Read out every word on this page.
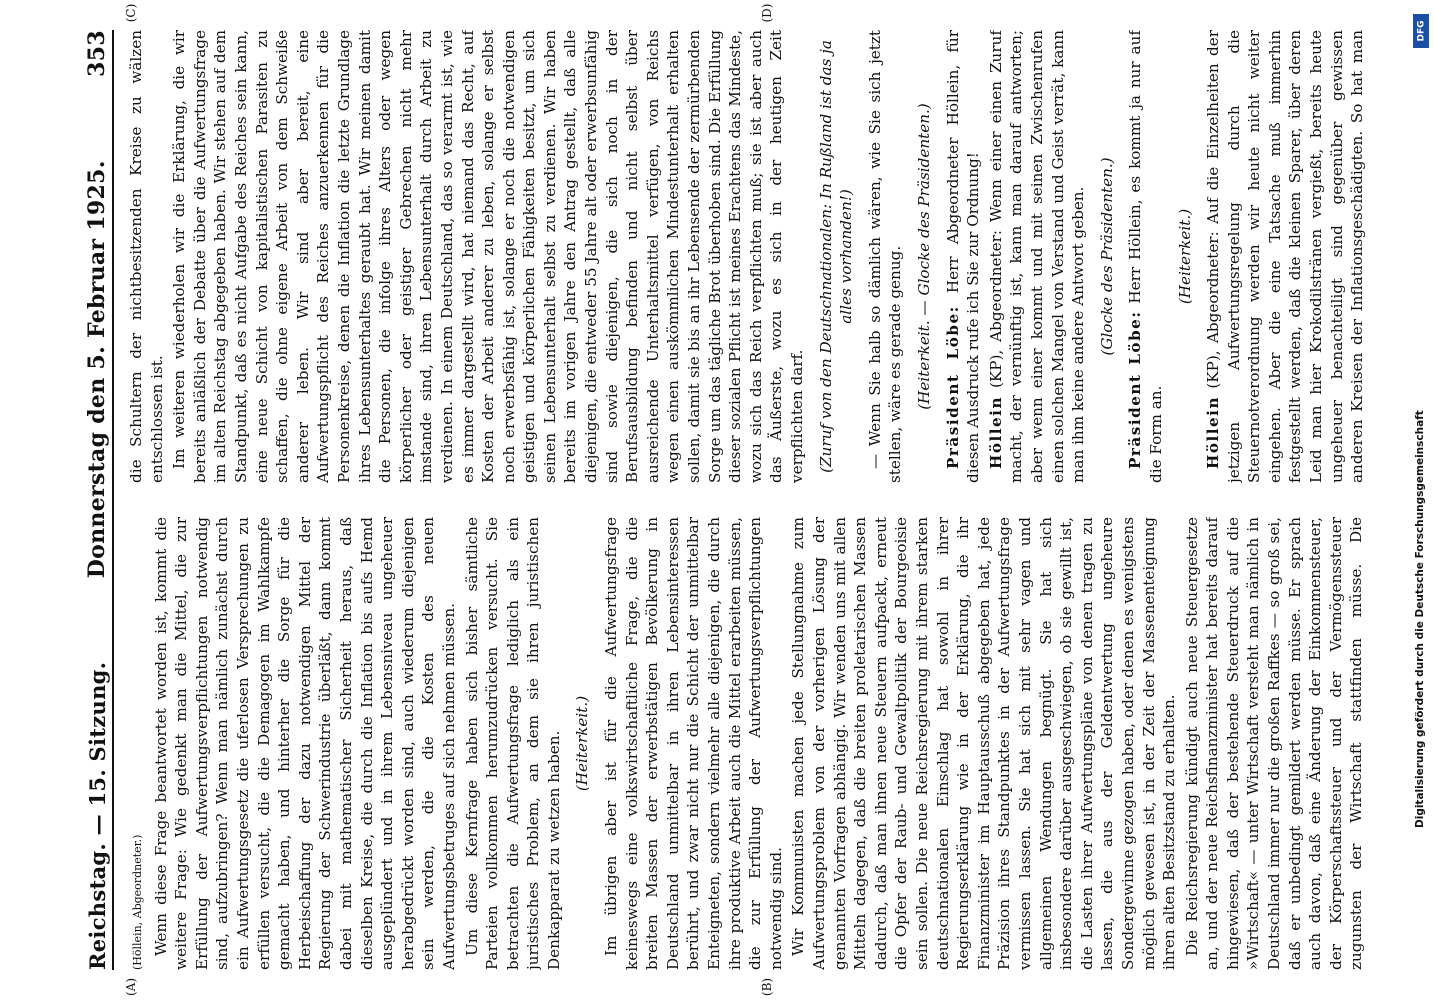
Reichstag. — 15. Sitzung.
Donnerstag den 5. Februar 1925.
353

(Höllein, Abgeordneter.) Wenn diese Frage beantwortet worden ist, kommt die weitere Frage: Wie gedenkt man die Mittel, die zur Erfüllung der Aufwertungsverpflichtungen notwendig sind, aufzubringen? Wenn man nämlich zunächst durch ein Aufwertungsgesetz die uferlosen Versprechungen zu erfüllen versucht, die die Demagogen im Wahlkampfe gemacht haben, und hinterher die Sorge für die Herbeischaffung der dazu notwendigen Mittel der Regierung der Schwerindustrie überläßt, dann kommt dabei mit mathematischer Sicherheit heraus, daß dieselben Kreise, die durch die Inflation bis aufs Hemd ausgeplündert und in ihrem Lebensniveau ungeheuer herabgedrückt worden sind, auch wiederum diejenigen sein werden, die die Kosten des neuen Aufwertungsbetruges auf sich nehmen müssen. Um diese Kernfrage haben sich bisher sämtliche Parteien vollkommen herumzudrücken versucht. Sie betrachten die Aufwertungsfrage lediglich als ein juristisches Problem, an dem sie ihren juristischen Denkapparat zu wetzen haben. (Heiterkeit.) Im übrigen aber ist für die Aufwertungsfrage keineswegs eine volkswirtschaftliche Frage, die die breiten Massen der erwerbstätigen Bevölkerung in Deutschland unmittelbar in ihren Lebensinteressen berührt, und zwar nicht nur die Schicht der unmittelbar Enteigneten, sondern vielmehr alle diejenigen, die durch ihre produktive Arbeit auch die Mittel erarbeiten müssen, die zur Erfüllung der Aufwertungsverpflichtungen notwendig sind. Wir Kommunisten machen jede Stellungnahme zum Aufwertungsproblem von der vorherigen Lösung der genannten Vorfragen abhängig. Wir wenden uns mit allen Mitteln dagegen, daß die breiten proletarischen Massen dadurch, daß man ihnen neue Steuern aufpackt, erneut die Opfer der Raub- und Gewaltpolitik der Bourgeoisie sein sollen. Die neue Reichsregierung mit ihrem starken deutschnationalen Einschlag hat sowohl in ihrer Regierungserklärung wie in der Erklärung, die ihr Finanzminister im Hauptausschuß abgegeben hat, jede Präzision ihres Standpunktes in der Aufwertungsfrage vermissen lassen. Sie hat sich mit sehr vagen und allgemeinen Wendungen begnügt. Sie hat sich insbesondere darüber ausgeschwiegen, ob sie gewillt ist, die Lasten ihrer Aufwertungspläne von denen tragen zu lassen, die aus der Geldentwertung ungeheure Sondergewinne gezogen haben, oder denen es wenigstens möglich gewesen ist, in der Zeit der Massenenteignung ihren alten Besitzstand zu erhalten. Die Reichsregierung kündigt auch neue Steuergesetze an, und der neue Reichsfinanzminister hat bereits darauf hingewiesen, daß der bestehende Steuerdruck auf die »Wirtschaft« — unter Wirtschaft versteht man nämlich in Deutschland immer nur die großen Raffkes — so groß sei, daß er unbedingt gemildert werden müsse. Er sprach auch davon, daß eine Änderung der Einkommensteuer, der Körperschaftssteuer und der Vermögenssteuer zugunsten der Wirtschaft stattfinden müsse. Die

die Schultern der nichtbesitzenden Kreise zu wälzen entschlossen ist. Im weiteren wiederholen wir die Erklärung, die wir bereits anläßlich der Debatte über die Aufwertungsfrage im alten Reichstag abgegeben haben. Wir stehen auf dem Standpunkt, daß es nicht Aufgabe des Reiches sein kann, eine neue Schicht von kapitalistischen Parasiten zu schaffen, die ohne eigene Arbeit von dem Schweiße anderer leben. Wir sind aber bereit, eine Aufwertungspflicht des Reiches anzuerkennen für die Personenkreise, denen die Inflation die letzte Grundlage ihres Lebensunterhaltes geraubt hat. Wir meinen damit die Personen, die infolge ihres Alters oder wegen körperlicher oder geistiger Gebrechen nicht mehr imstande sind, ihren Lebensunterhalt durch Arbeit zu verdienen. In einem Deutschland, das so verarmt ist, wie es immer dargestellt wird, hat niemand das Recht, auf Kosten der Arbeit anderer zu leben, solange er selbst noch erwerbsfähig ist, solange er noch die notwendigen geistigen und körperlichen Fähigkeiten besitzt, um sich seinen Lebensunterhalt selbst zu verdienen. Wir haben bereits im vorigen Jahre den Antrag gestellt, daß alle diejenigen, die entweder 55 Jahre alt oder erwerbsunfähig sind sowie diejenigen, die sich noch in der Berufsausbildung befinden und nicht selbst über ausreichende Unterhaltsmittel verfügen, von Reichs wegen einen auskömmlichen Mindestunterhalt erhalten sollen, damit sie bis an ihr Lebensende der zermürbenden Sorge um das tägliche Brot überhoben sind. Die Erfüllung dieser sozialen Pflicht ist meines Erachtens das Mindeste, wozu sich das Reich verpflichten muß; sie ist aber auch das Äußerste, wozu es sich in der heutigen Zeit verpflichten darf. (Zuruf von den Deutschnationalen: In Rußland ist das ja alles vorhanden!) — Wenn Sie halb so dämlich wären, wie Sie sich jetzt stellen, wäre es gerade genug. (Heiterkeit. — Glocke des Präsidenten.) Präsident Löbe: Herr Abgeordneter Höllein, für diesen Ausdruck rufe ich Sie zur Ordnung! Höllein (KP), Abgeordneter: Wenn einer einen Zuruf macht, der vernünftig ist, kann man darauf antworten; aber wenn einer kommt und mit seinen Zwischenrufen einen solchen Mangel von Verstand und Geist verrät, kann man ihm keine andere Antwort geben. (Glocke des Präsidenten.)

Präsident Löbe: Herr Höllein, es kommt ja nur auf die Form an.

(Heiterkeit.)

Höllein (KP), Abgeordneter: Auf die Einzelheiten der jetzigen Aufwertungsregelung durch die Steuernotverordnung werden wir heute nicht weiter eingehen. Aber die eine Tatsache muß immerhin festgestellt werden, daß die kleinen Sparer, über deren Leid man hier Krokodilstränen vergießt, bereits heute ungeheuer benachteiligt sind gegenüber gewissen anderen Kreisen der Inflationsgeschädigten. So hat man

(A)	(B)
(C)	(D)
Digitalisierung gefördert durch die Deutsche Forschungsgemeinschaft
DFG
